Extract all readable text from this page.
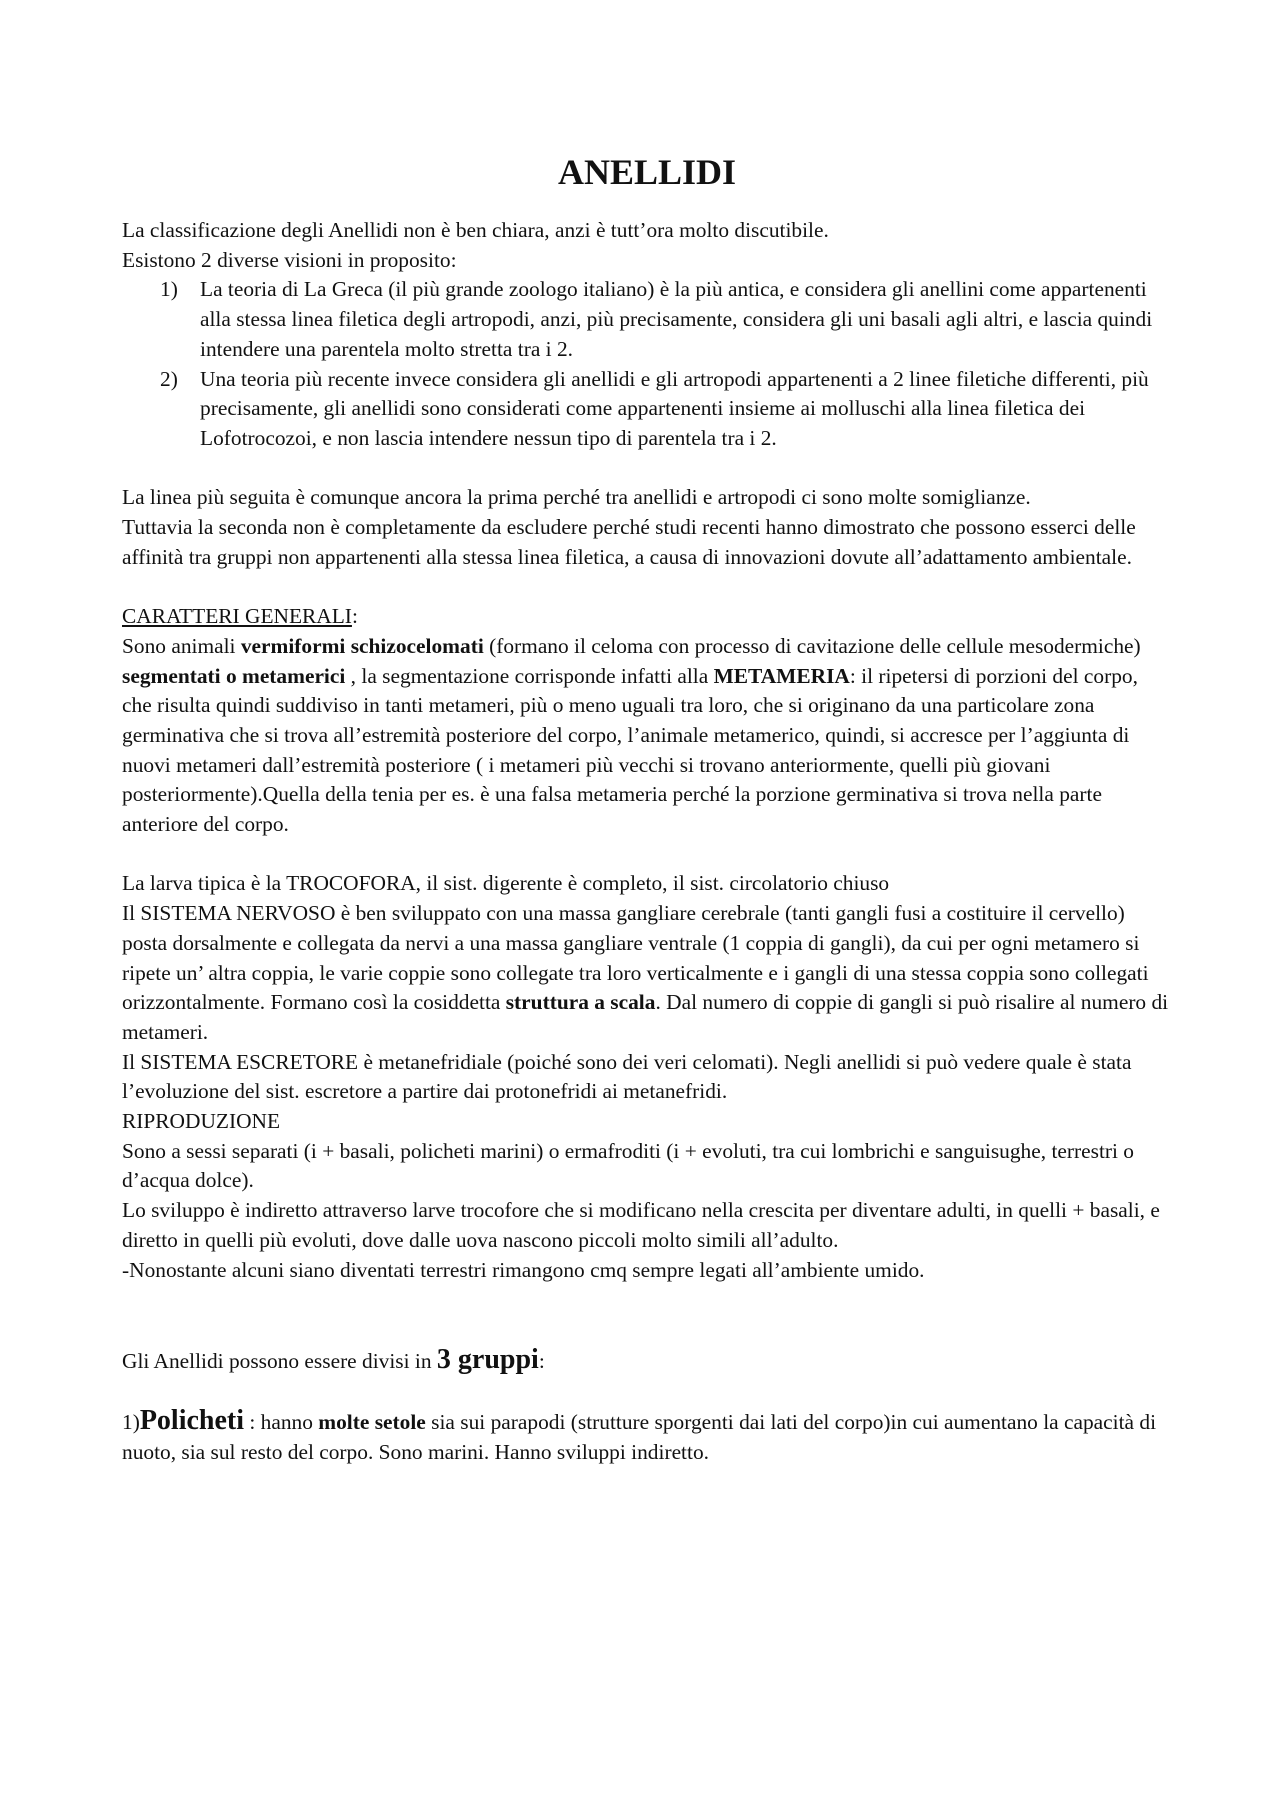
ANELLIDI

La classificazione degli Anellidi non è ben chiara, anzi è tutt’ora molto discutibile.

Esistono 2 diverse visioni in proposito:

1) La teoria di La Greca (il più grande zoologo italiano) è la più antica, e considera gli anellini come appartenenti alla stessa linea filetica degli artropodi, anzi, più precisamente, considera gli uni basali agli altri, e lascia quindi intendere una parentela molto stretta tra i 2.
2) Una teoria più recente invece considera gli anellidi e gli artropodi appartenenti a 2 linee filetiche differenti, più precisamente, gli anellidi sono considerati come appartenenti insieme ai molluschi alla linea filetica dei Lofotrocozoi, e non lascia intendere nessun tipo di parentela tra i 2.

La linea più seguita è comunque ancora la prima perché tra anellidi e artropodi ci sono molte somiglianze.

Tuttavia la seconda non è completamente da escludere perché studi recenti hanno dimostrato che possono esserci delle affinità tra gruppi non appartenenti alla stessa linea filetica, a causa di innovazioni dovute all’adattamento ambientale.

CARATTERI GENERALI:

Sono animali vermiformi schizocelomati (formano il celoma con processo di cavitazione delle cellule mesodermiche) segmentati o metamerici , la segmentazione corrisponde infatti alla METAMERIA: il ripetersi di porzioni del corpo, che risulta quindi suddiviso in tanti metameri, più o meno uguali tra loro, che si originano da una particolare zona germinativa che si trova all’estremità posteriore del corpo, l’animale metamerico, quindi, si accresce per l’aggiunta di nuovi metameri dall’estremità posteriore ( i metameri più vecchi si trovano anteriormente, quelli più giovani posteriormente).Quella della tenia per es. è una falsa metameria perché la porzione germinativa si trova nella parte anteriore del corpo.

La larva tipica è la TROCOFORA, il sist. digerente è completo, il sist. circolatorio chiuso

Il SISTEMA NERVOSO è ben sviluppato con una massa gangliare cerebrale (tanti gangli fusi a costituire il cervello) posta dorsalmente e collegata da nervi a una massa gangliare ventrale (1 coppia di gangli), da cui per ogni metamero si ripete un’ altra coppia, le varie coppie sono collegate tra loro verticalmente e i gangli di una stessa coppia sono collegati orizzontalmente. Formano così la cosiddetta struttura a scala. Dal numero di coppie di gangli si può risalire al numero di metameri.

Il SISTEMA ESCRETORE è metanefridiale (poiché sono dei veri celomati). Negli anellidi si può vedere quale è stata l’evoluzione del sist. escretore a partire dai protonefridi ai metanefridi.

RIPRODUZIONE

Sono a sessi separati (i + basali, policheti marini) o ermafroditi (i + evoluti, tra cui lombrichi e sanguisughe, terrestri o d’acqua dolce).

Lo sviluppo è indiretto attraverso larve trocofore che si modificano nella crescita per diventare adulti, in quelli + basali, e diretto in quelli più evoluti, dove dalle uova nascono piccoli molto simili all’adulto.

-Nonostante alcuni siano diventati terrestri rimangono cmq sempre legati all’ambiente umido.

Gli Anellidi possono essere divisi in 3 gruppi:

1)Policheti : hanno molte setole sia sui parapodi (strutture sporgenti dai lati del corpo)in cui aumentano la capacità di nuoto, sia sul resto del corpo. Sono marini. Hanno sviluppi indiretto.
